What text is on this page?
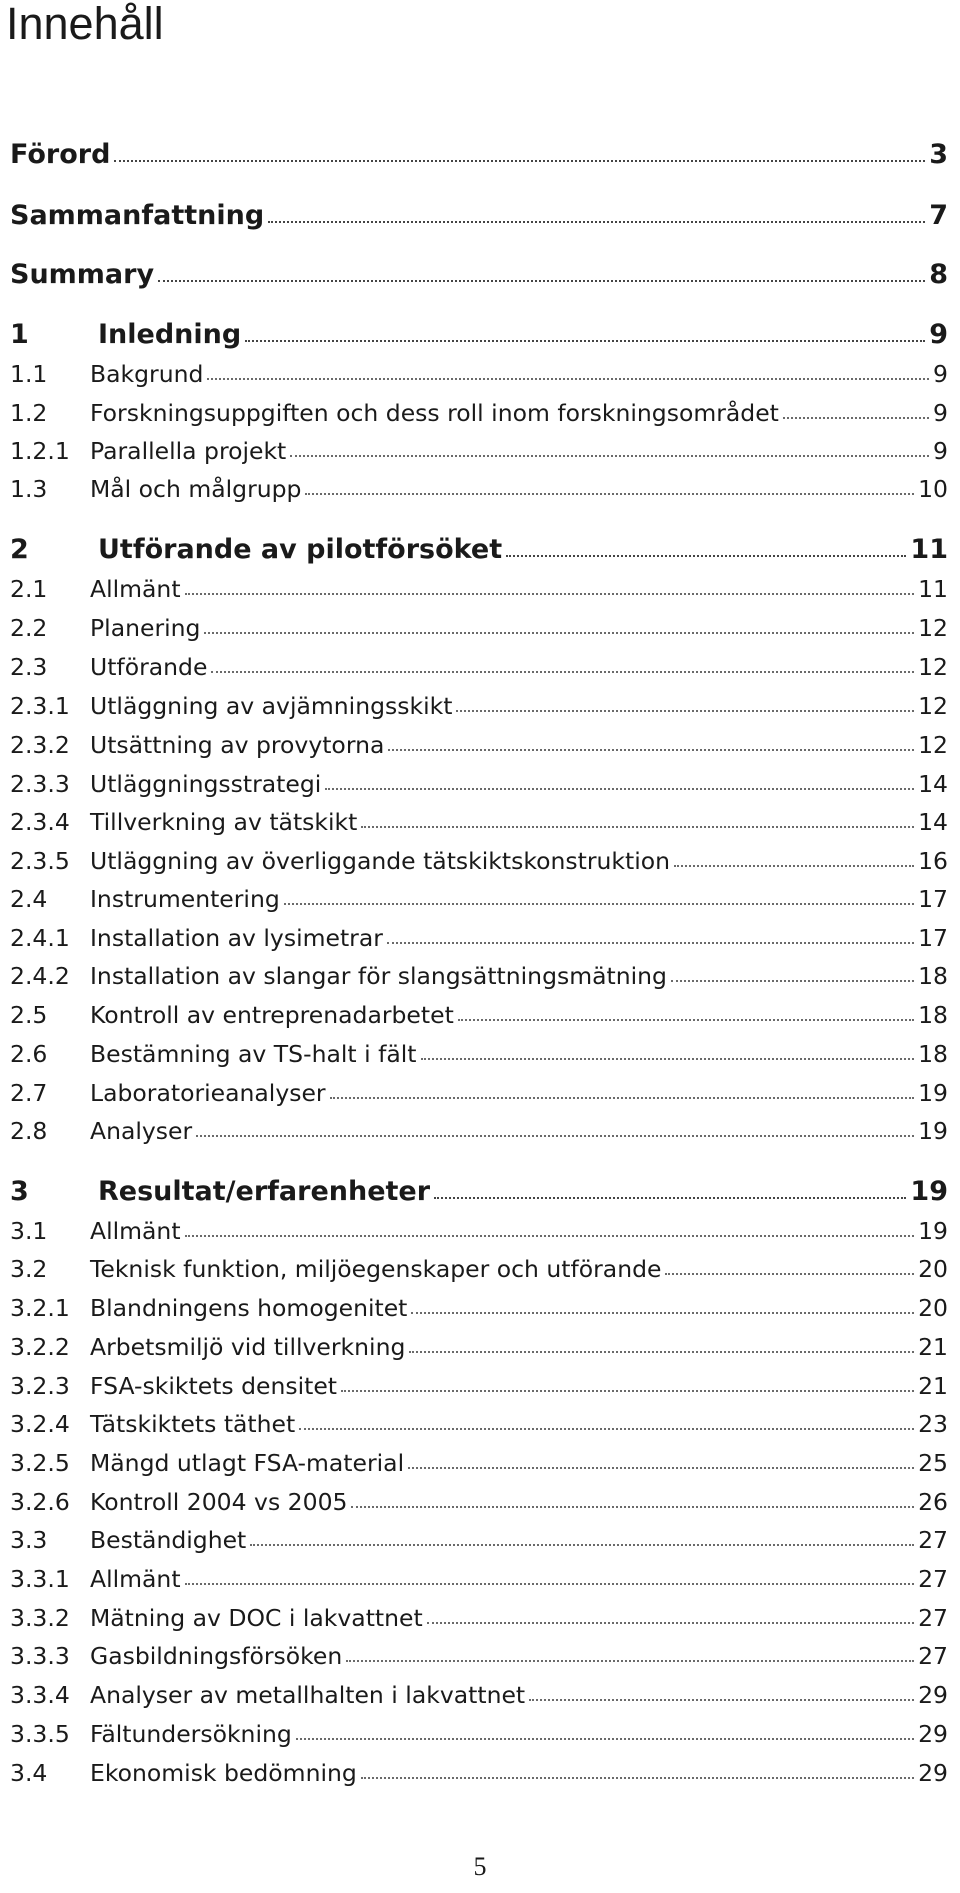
Innehåll
Förord	3
Sammanfattning	7
Summary	8
1	Inledning	9
1.1	Bakgrund	9
1.2	Forskningsuppgiften och dess roll inom forskningsområdet	9
1.2.1 Parallella projekt	9
1.3	Mål och målgrupp	10
2	Utförande av pilotförsöket	11
2.1	Allmänt	11
2.2	Planering	12
2.3	Utförande	12
2.3.1 Utläggning av avjämningsskikt	12
2.3.2 Utsättning av provytorna	12
2.3.3 Utläggningsstrategi	14
2.3.4 Tillverkning av tätskikt	14
2.3.5 Utläggning av överliggande tätskiktskonstruktion	16
2.4	Instrumentering	17
2.4.1 Installation av lysimetrar	17
2.4.2 Installation av slangar för slangsättningsmätning	18
2.5	Kontroll av entreprenadarbetet	18
2.6	Bestämning av TS-halt i fält	18
2.7	Laboratorieanalyser	19
2.8	Analyser	19
3	Resultat/erfarenheter	19
3.1	Allmänt	19
3.2	Teknisk funktion, miljöegenskaper och utförande	20
3.2.1 Blandningens homogenitet	20
3.2.2 Arbetsmiljö vid tillverkning	21
3.2.3 FSA-skiktets densitet	21
3.2.4 Tätskiktets täthet	23
3.2.5 Mängd utlagt FSA-material	25
3.2.6 Kontroll 2004 vs 2005	26
3.3	Beständighet	27
3.3.1 Allmänt	27
3.3.2 Mätning av DOC i lakvattnet	27
3.3.3 Gasbildningsförsöken	27
3.3.4 Analyser av metallhalten i lakvattnet	29
3.3.5 Fältundersökning	29
3.4	Ekonomisk bedömning	29
5
